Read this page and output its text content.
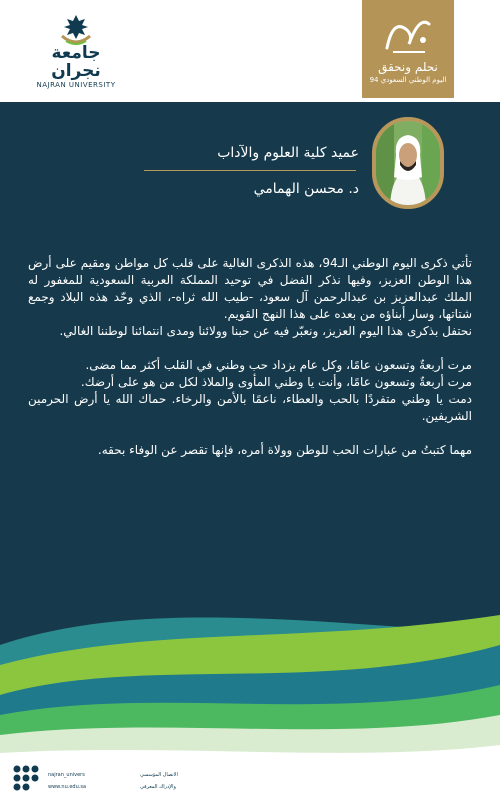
جامعة نجران
NAJRAN UNIVERSITY
نحلم ونحقق
اليوم الوطني السعودي 94
عميد كلية العلوم والآداب
د. محسن الهمامي

تأتي ذكرى اليوم الوطني الـ94، هذه الذكرى الغالية على قلب كل مواطن ومقيم على أرض هذا الوطن العزيز، وفيها نذكر الفضل في توحيد المملكة العربية السعودية للمغفور له الملك عبدالعزيز بن عبدالرحمن آل سعود، -طيب الله ثراه-، الذي وحّد هذه البلاد وجمع شتاتها، وسار أبناؤه من بعده على هذا النهج القويم.

نحتفل بذكرى هذا اليوم العزيز، ونعبّر فيه عن حبنا وولائنا ومدى انتمائنا لوطننا الغالي.

مرت أربعةٌ وتسعون عامًا، وكل عام يزداد حب وطني في القلب أكثر مما مضى.

مرت أربعةٌ وتسعون عامًا، وأنت يا وطني المأوى والملاذ لكل من هو على أرضك.

دمت يا وطني متفردًا بالحب والعطاء، ناعمًا بالأمن والرخاء. حماك الله يا أرض الحرمين الشريفين.

مهما كتبتُ من عبارات الحب للوطن وولاة أمره، فإنها تقصر عن الوفاء بحقه.

najran_univers
www.nu.edu.sa
الاتصال المؤسسي
والإدراك المعرفي
